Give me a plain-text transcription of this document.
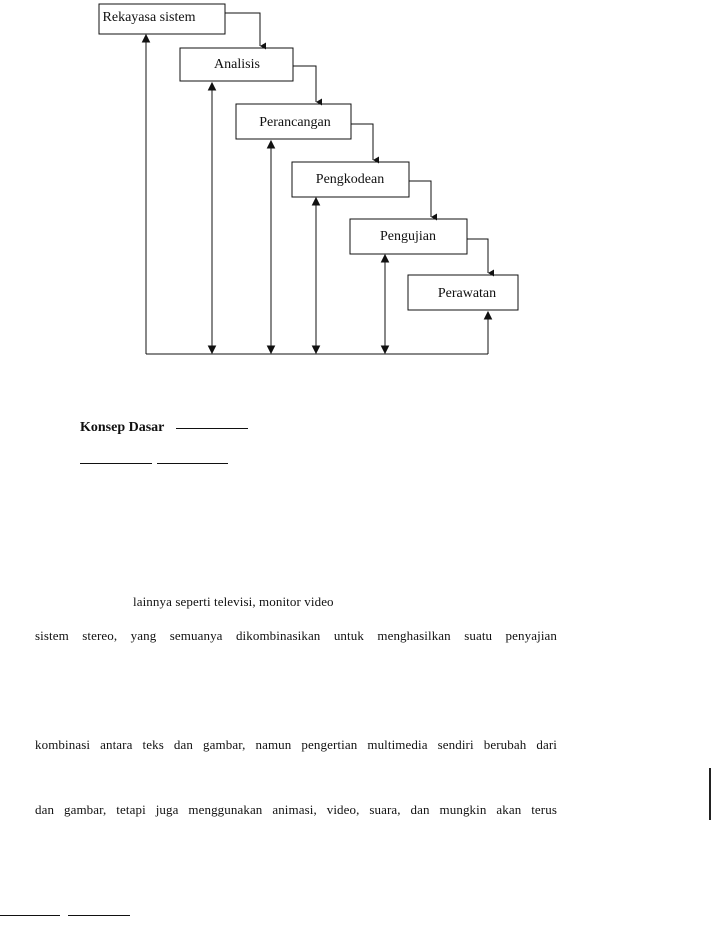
Rekayasa sistem
Analisis
Perancangan
Pengkodean
Pengujian
Perawatan
Konsep Dasar
lainnya seperti televisi, monitor video
sistem stereo, yang semuanya dikombinasikan untuk menghasilkan suatu penyajian
kombinasi antara teks dan gambar, namun pengertian multimedia sendiri berubah dari
dan gambar, tetapi juga menggunakan animasi, video, suara, dan mungkin akan terus
